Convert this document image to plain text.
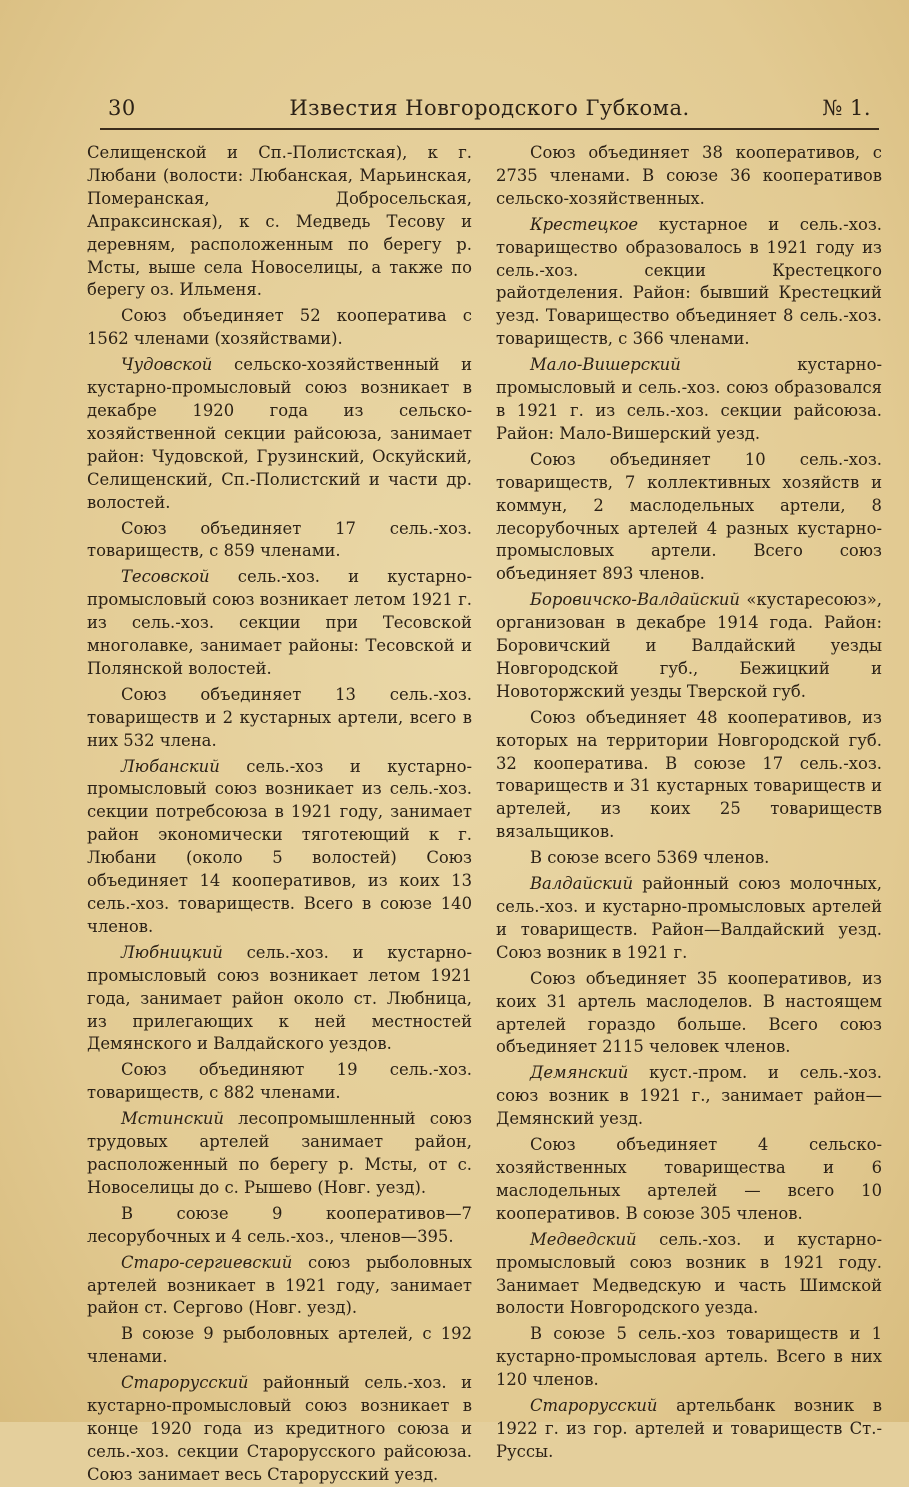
30	Известия Новгородского Губкома.	№ 1.

Селищенской и Сп.-Полистская), к г. Любани (волости: Любанская, Марьинская, Померанская, Добросельская, Апраксинская), к с. Медведь Тесову и деревням, расположенным по берегу р. Мсты, выше села Новоселицы, а также по берегу оз. Ильменя.

Союз объединяет 52 кооператива с 1562 членами (хозяйствами).

Чудовской сельско-хозяйственный и кустарно-промысловый союз возникает в декабре 1920 года из сельско-хозяйственной секции райсоюза, занимает район: Чудовской, Грузинский, Оскуйский, Селищенский, Сп.-Полистский и части др. волостей.

Союз объединяет 17 сель.-хоз. товариществ, с 859 членами.

Тесовской сель.-хоз. и кустарно-промысловый союз возникает летом 1921 г. из сель.-хоз. секции при Тесовской многолавке, занимает районы: Тесовской и Полянской волостей.

Союз объединяет 13 сель.-хоз. товариществ и 2 кустарных артели, всего в них 532 члена.

Любанский сель.-хоз и кустарно-промысловый союз возникает из сель.-хоз. секции потребсоюза в 1921 году, занимает район экономически тяготеющий к г. Любани (около 5 волостей) Союз объединяет 14 кооперативов, из коих 13 сель.-хоз. товариществ. Всего в союзе 140 членов.

Любницкий сель.-хоз. и кустарно-промысловый союз возникает летом 1921 года, занимает район около ст. Любница, из прилегающих к ней местностей Демянского и Валдайского уездов.

Союз объединяют 19 сель.-хоз. товариществ, с 882 членами.

Мстинский лесопромышленный союз трудовых артелей занимает район, расположенный по берегу р. Мсты, от с. Новоселицы до с. Рышево (Новг. уезд).

В союзе 9 кооперативов—7 лесорубочных и 4 сель.-хоз., членов—395.

Старо-сергиевский союз рыболовных артелей возникает в 1921 году, занимает район ст. Сергово (Новг. уезд).

В союзе 9 рыболовных артелей, с 192 членами.

Старорусский районный сель.-хоз. и кустарно-промысловый союз возникает в конце 1920 года из кредитного союза и сель.-хоз. секции Старорусского райсоюза. Союз занимает весь Старорусский уезд.

Союз объединяет 38 кооперативов, с 2735 членами. В союзе 36 кооперативов сельско-хозяйственных.

Крестецкое кустарное и сель.-хоз. товарищество образовалось в 1921 году из сель.-хоз. секции Крестецкого райотделения. Район: бывший Крестецкий уезд. Товарищество объединяет 8 сель.-хоз. товариществ, с 366 членами.

Мало-Вишерский кустарно-промысловый и сель.-хоз. союз образовался в 1921 г. из сель.-хоз. секции райсоюза. Район: Мало-Вишерский уезд.

Союз объединяет 10 сель.-хоз. товариществ, 7 коллективных хозяйств и коммун, 2 маслодельных артели, 8 лесорубочных артелей 4 разных кустарно-промысловых артели. Всего союз объединяет 893 членов.

Боровичско-Валдайский «кустаресоюз», организован в декабре 1914 года. Район: Боровичский и Валдайский уезды Новгородской губ., Бежицкий и Новоторжский уезды Тверской губ.

Союз объединяет 48 кооперативов, из которых на территории Новгородской губ. 32 кооператива. В союзе 17 сель.-хоз. товариществ и 31 кустарных товариществ и артелей, из коих 25 товариществ вязальщиков.

В союзе всего 5369 членов.

Валдайский районный союз молочных, сель.-хоз. и кустарно-промысловых артелей и товариществ. Район—Валдайский уезд. Союз возник в 1921 г.

Союз объединяет 35 кооперативов, из коих 31 артель маслоделов. В настоящем артелей гораздо больше. Всего союз объединяет 2115 человек членов.

Демянский куст.-пром. и сель.-хоз. союз возник в 1921 г., занимает район—Демянский уезд.

Союз объединяет 4 сельско-хозяйственных товарищества и 6 маслодельных артелей — всего 10 кооперативов. В союзе 305 членов.

Медведский сель.-хоз. и кустарно-промысловый союз возник в 1921 году. Занимает Медведскую и часть Шимской волости Новгородского уезда.

В союзе 5 сель.-хоз товариществ и 1 кустарно-промысловая артель. Всего в них 120 членов.

Старорусский артельбанк возник в 1922 г. из гор. артелей и товариществ Ст.-Руссы.
